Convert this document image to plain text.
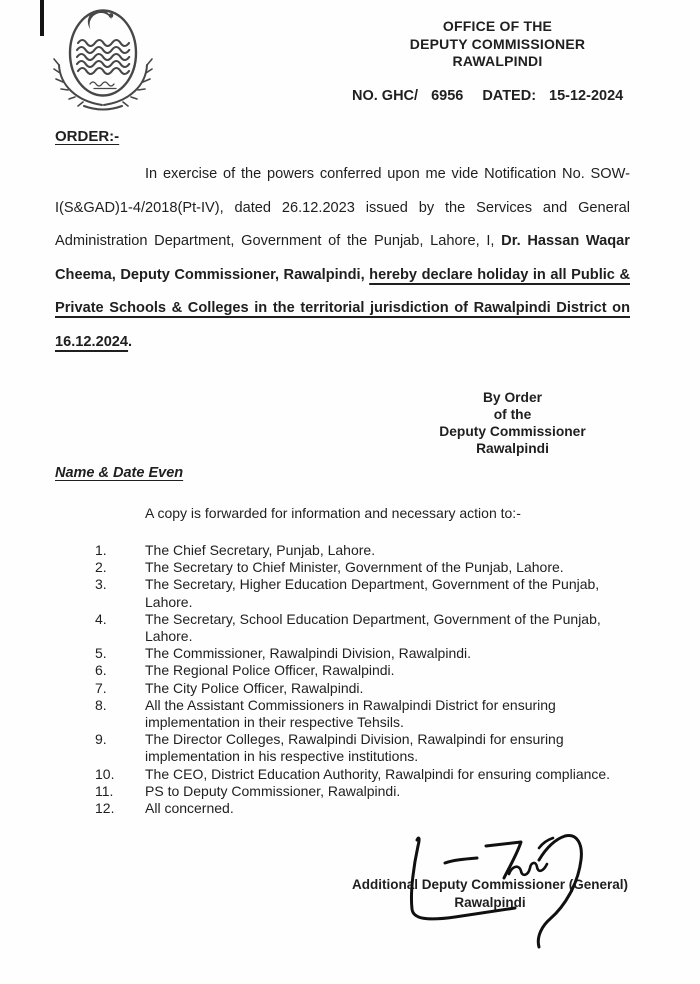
OFFICE OF THE
DEPUTY COMMISSIONER
RAWALPINDI
NO. GHC/ 6956 DATED: 15-12-2024
ORDER:-
In exercise of the powers conferred upon me vide Notification No. SOW-I(S&GAD)1-4/2018(Pt-IV), dated 26.12.2023 issued by the Services and General Administration Department, Government of the Punjab, Lahore, I, Dr. Hassan Waqar Cheema, Deputy Commissioner, Rawalpindi, hereby declare holiday in all Public & Private Schools & Colleges in the territorial jurisdiction of Rawalpindi District on 16.12.2024.
By Order
of the
Deputy Commissioner
Rawalpindi
Name & Date Even
A copy is forwarded for information and necessary action to:-
1.	The Chief Secretary, Punjab, Lahore.
2.	The Secretary to Chief Minister, Government of the Punjab, Lahore.
3.	The Secretary, Higher Education Department, Government of the Punjab, Lahore.
4.	The Secretary, School Education Department, Government of the Punjab, Lahore.
5.	The Commissioner, Rawalpindi Division, Rawalpindi.
6.	The Regional Police Officer, Rawalpindi.
7.	The City Police Officer, Rawalpindi.
8.	All the Assistant Commissioners in Rawalpindi District for ensuring implementation in their respective Tehsils.
9.	The Director Colleges, Rawalpindi Division, Rawalpindi for ensuring implementation in his respective institutions.
10.	The CEO, District Education Authority, Rawalpindi for ensuring compliance.
11.	PS to Deputy Commissioner, Rawalpindi.
12.	All concerned.
Additional Deputy Commissioner (General)
Rawalpindi
